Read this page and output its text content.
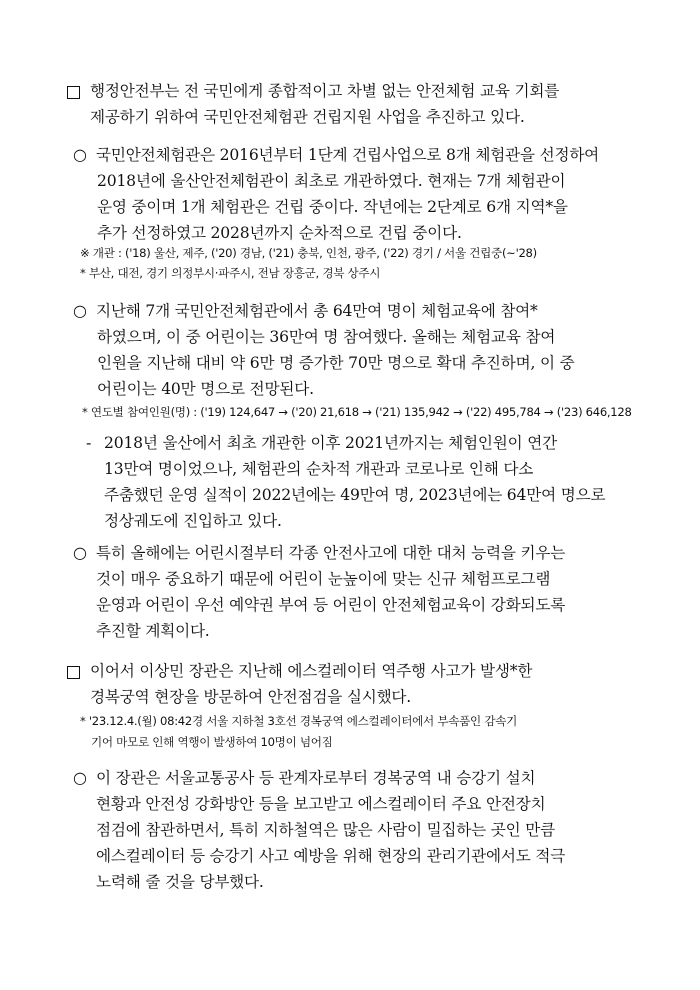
행정안전부는 전 국민에게 종합적이고 차별 없는 안전체험 교육 기회를
제공하기 위하여 국민안전체험관 건립지원 사업을 추진하고 있다.
○ 국민안전체험관은 2016년부터 1단계 건립사업으로 8개 체험관을 선정하여
2018년에 울산안전체험관이 최초로 개관하였다. 현재는 7개 체험관이
운영 중이며 1개 체험관은 건립 중이다. 작년에는 2단계로 6개 지역*을
추가 선정하였고 2028년까지 순차적으로 건립 중이다.
※ 개관 : ('18) 울산, 제주, ('20) 경남, ('21) 충북, 인천, 광주, ('22) 경기 / 서울 건립중(~'28)
* 부산, 대전, 경기 의정부시·파주시, 전남 장흥군, 경북 상주시
○ 지난해 7개 국민안전체험관에서 총 64만여 명이 체험교육에 참여*
하였으며, 이 중 어린이는 36만여 명 참여했다. 올해는 체험교육 참여
인원을 지난해 대비 약 6만 명 증가한 70만 명으로 확대 추진하며, 이 중
어린이는 40만 명으로 전망된다.
* 연도별 참여인원(명) : ('19) 124,647 → ('20) 21,618 → ('21) 135,942 → ('22) 495,784 → ('23) 646,128
- 2018년 울산에서 최초 개관한 이후 2021년까지는 체험인원이 연간
13만여 명이었으나, 체험관의 순차적 개관과 코로나로 인해 다소
주춤했던 운영 실적이 2022년에는 49만여 명, 2023년에는 64만여 명으로
정상궤도에 진입하고 있다.
○ 특히 올해에는 어린시절부터 각종 안전사고에 대한 대처 능력을 키우는
것이 매우 중요하기 때문에 어린이 눈높이에 맞는 신규 체험프로그램
운영과 어린이 우선 예약권 부여 등 어린이 안전체험교육이 강화되도록
추진할 계획이다.
이어서 이상민 장관은 지난해 에스컬레이터 역주행 사고가 발생*한
경복궁역 현장을 방문하여 안전점검을 실시했다.
* '23.12.4.(월) 08:42경 서울 지하철 3호선 경복궁역 에스컬레이터에서 부속품인 감속기
기어 마모로 인해 역행이 발생하여 10명이 넘어짐
○ 이 장관은 서울교통공사 등 관계자로부터 경복궁역 내 승강기 설치
현황과 안전성 강화방안 등을 보고받고 에스컬레이터 주요 안전장치
점검에 참관하면서, 특히 지하철역은 많은 사람이 밀집하는 곳인 만큼
에스컬레이터 등 승강기 사고 예방을 위해 현장의 관리기관에서도 적극
노력해 줄 것을 당부했다.
